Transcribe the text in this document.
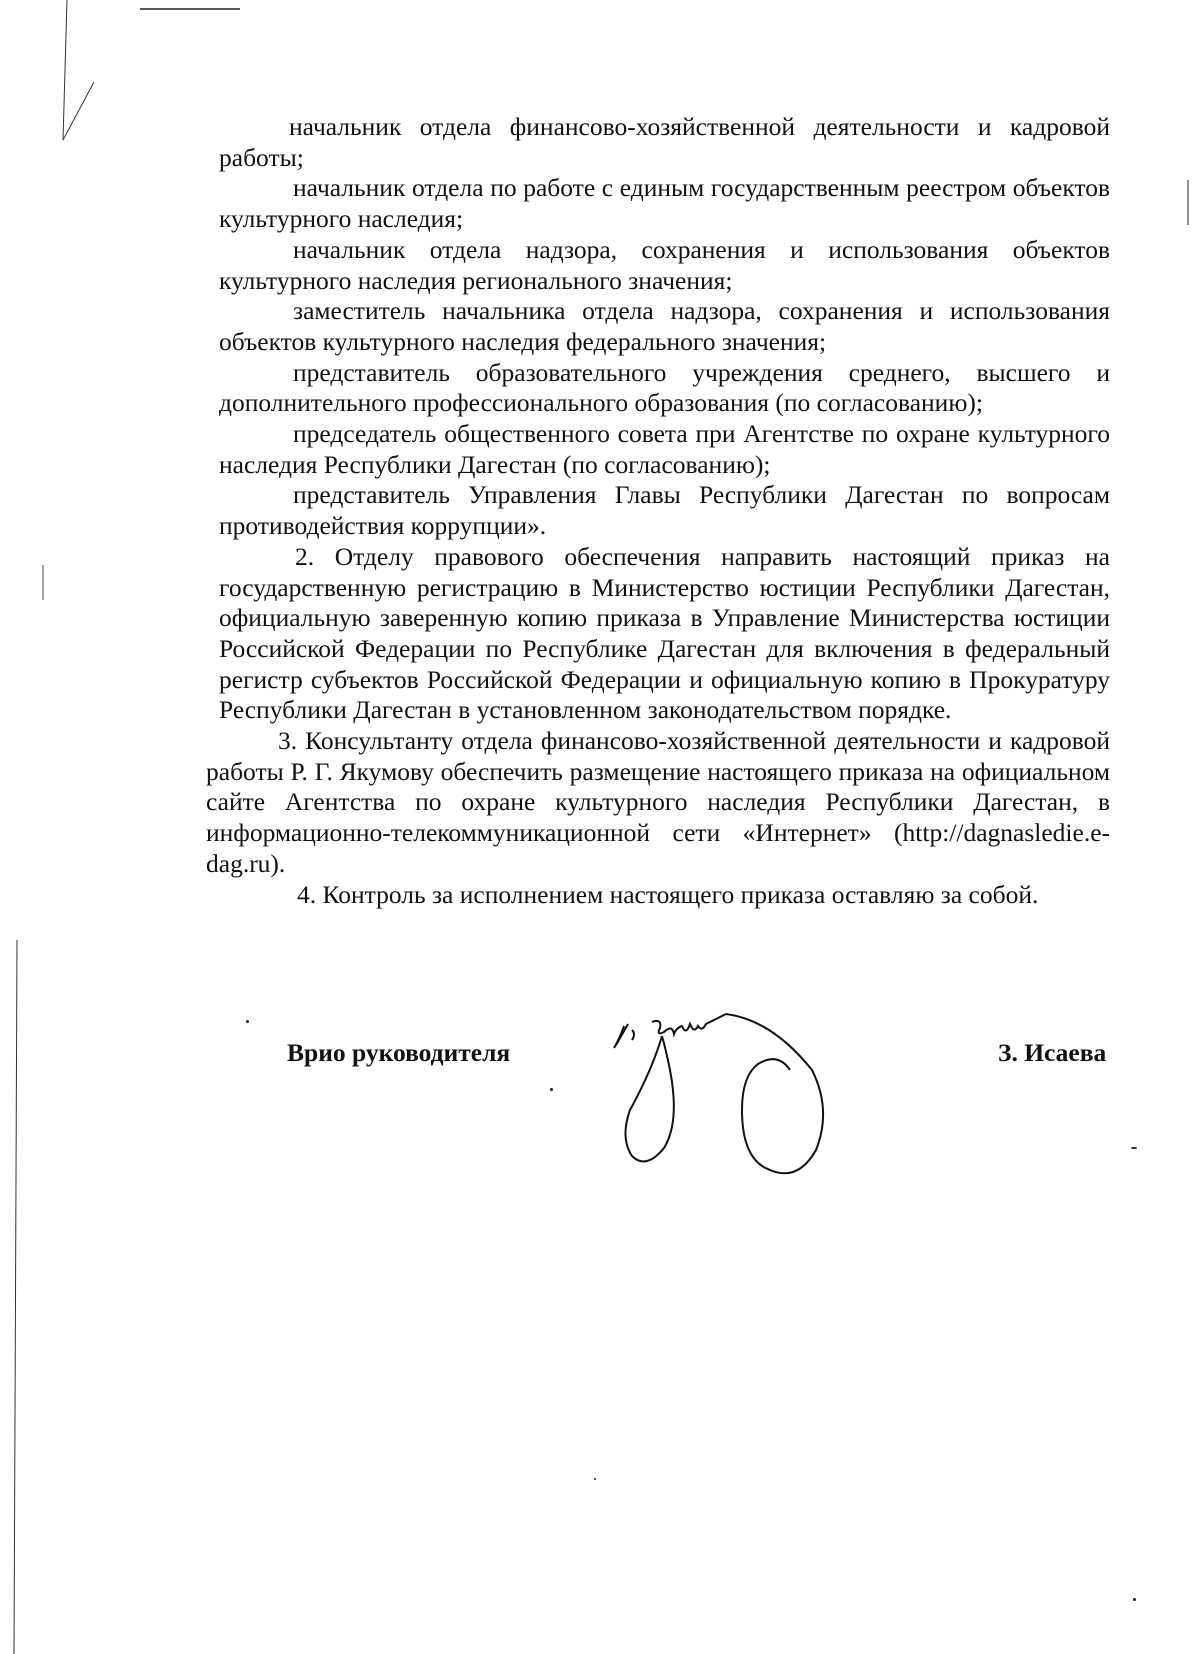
начальник отдела финансово-хозяйственной деятельности и кадровой работы;

начальник отдела по работе с единым государственным реестром объектов культурного наследия;

начальник отдела надзора, сохранения и использования объектов культурного наследия регионального значения;

заместитель начальника отдела надзора, сохранения и использования объектов культурного наследия федерального значения;

представитель образовательного учреждения среднего, высшего и дополнительного профессионального образования (по согласованию);

председатель общественного совета при Агентстве по охране культурного наследия Республики Дагестан (по согласованию);

представитель Управления Главы Республики Дагестан по вопросам противодействия коррупции».

2. Отделу правового обеспечения направить настоящий приказ на государственную регистрацию в Министерство юстиции Республики Дагестан, официальную заверенную копию приказа в Управление Министерства юстиции Российской Федерации по Республике Дагестан для включения в федеральный регистр субъектов Российской Федерации и официальную копию в Прокуратуру Республики Дагестан в установленном законодательством порядке.

3. Консультанту отдела финансово-хозяйственной деятельности и кадровой работы Р. Г. Якумову обеспечить размещение настоящего приказа на официальном сайте Агентства по охране культурного наследия Республики Дагестан, в информационно-телекоммуникационной сети «Интернет» (http://dagnasledie.e-dag.ru).

4. Контроль за исполнением настоящего приказа оставляю за собой.

Врио руководителя	З. Исаева
